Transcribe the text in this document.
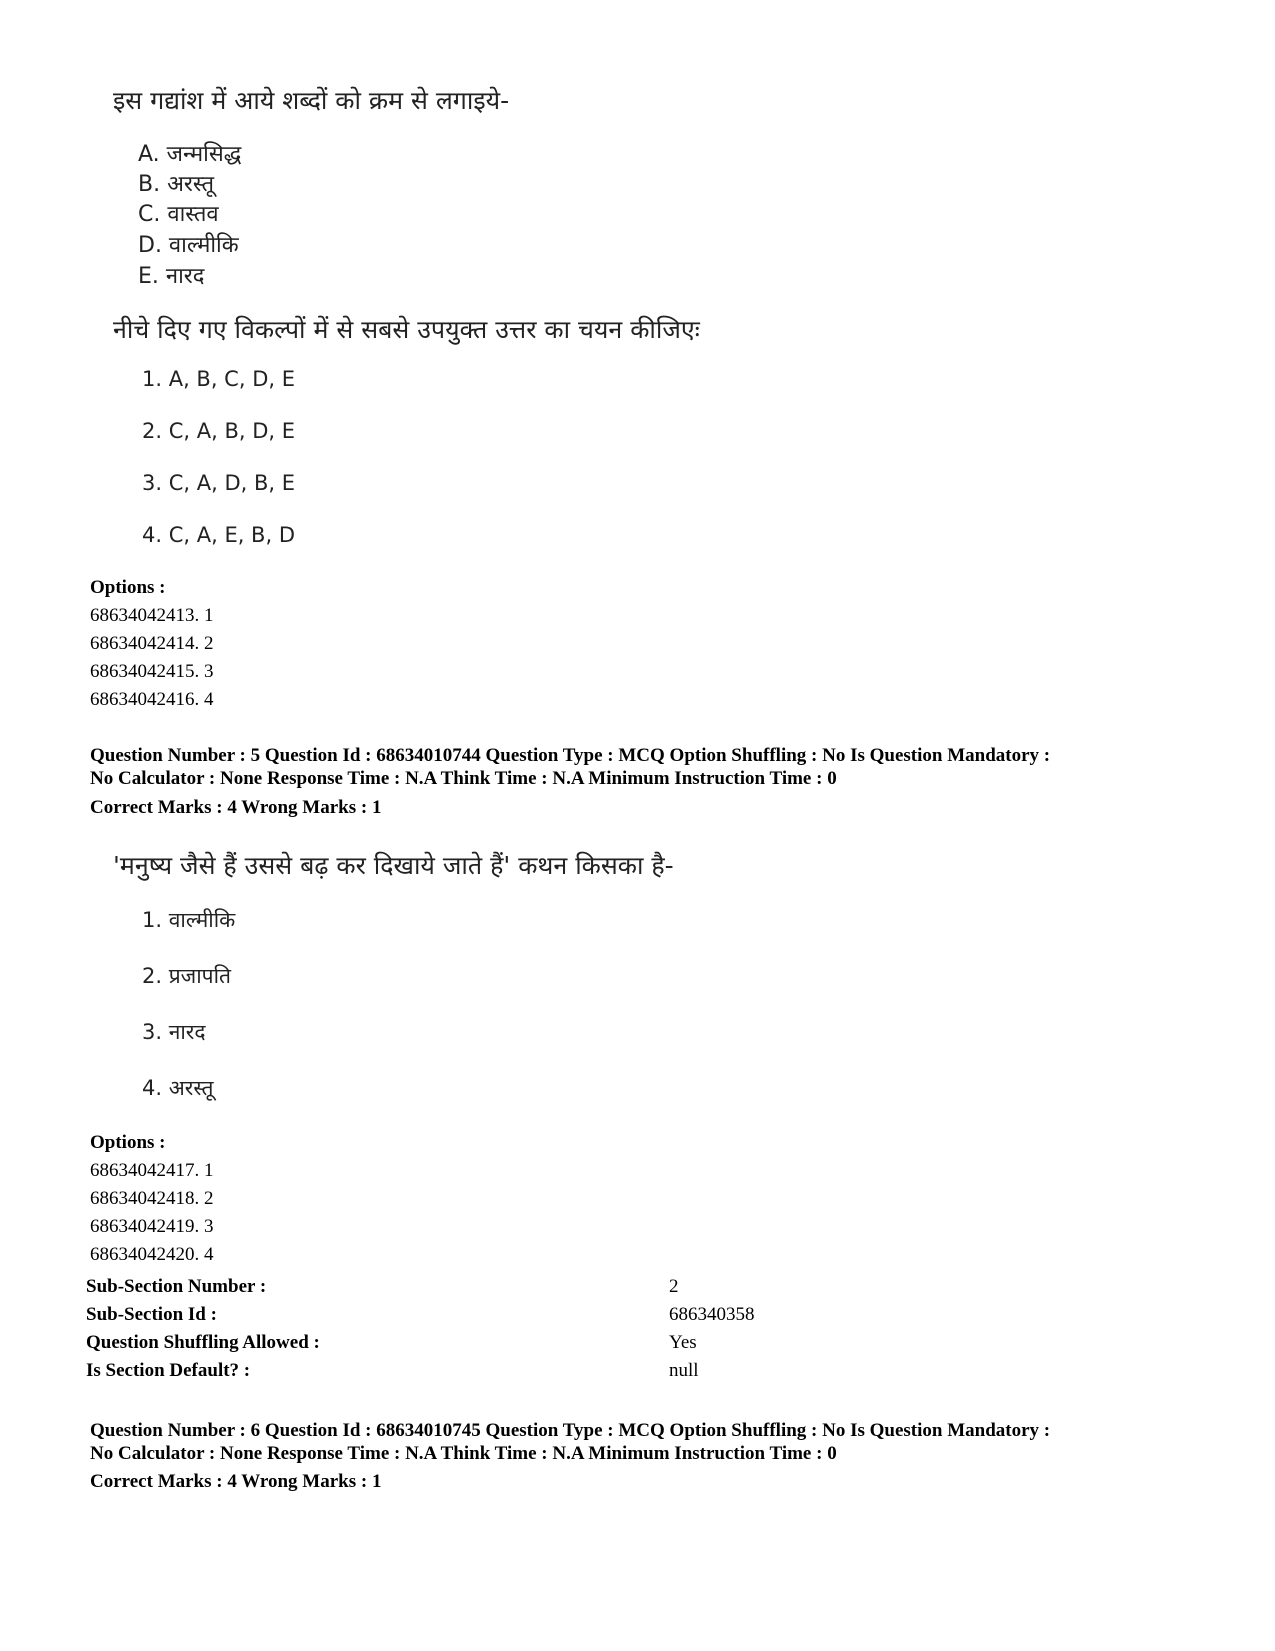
इस गद्यांश में आये शब्दों को क्रम से लगाइये-
A. जन्मसिद्ध
B. अरस्तू
C. वास्तव
D. वाल्मीकि
E. नारद
नीचे दिए गए विकल्पों में से सबसे उपयुक्त उत्तर का चयन कीजिएः
1. A, B, C, D, E
2. C, A, B, D, E
3. C, A, D, B, E
4. C, A, E, B, D
Options :
68634042413. 1
68634042414. 2
68634042415. 3
68634042416. 4
Question Number : 5 Question Id : 68634010744 Question Type : MCQ Option Shuffling : No Is Question Mandatory :
No Calculator : None Response Time : N.A Think Time : N.A Minimum Instruction Time : 0
Correct Marks : 4 Wrong Marks : 1
'मनुष्य जैसे हैं उससे बढ़ कर दिखाये जाते हैं' कथन किसका है-
1. वाल्मीकि
2. प्रजापति
3. नारद
4. अरस्तू
Options :
68634042417. 1
68634042418. 2
68634042419. 3
68634042420. 4
Sub-Section Number :	2
Sub-Section Id :	686340358
Question Shuffling Allowed :	Yes
Is Section Default? :	null
Question Number : 6 Question Id : 68634010745 Question Type : MCQ Option Shuffling : No Is Question Mandatory :
No Calculator : None Response Time : N.A Think Time : N.A Minimum Instruction Time : 0
Correct Marks : 4 Wrong Marks : 1
